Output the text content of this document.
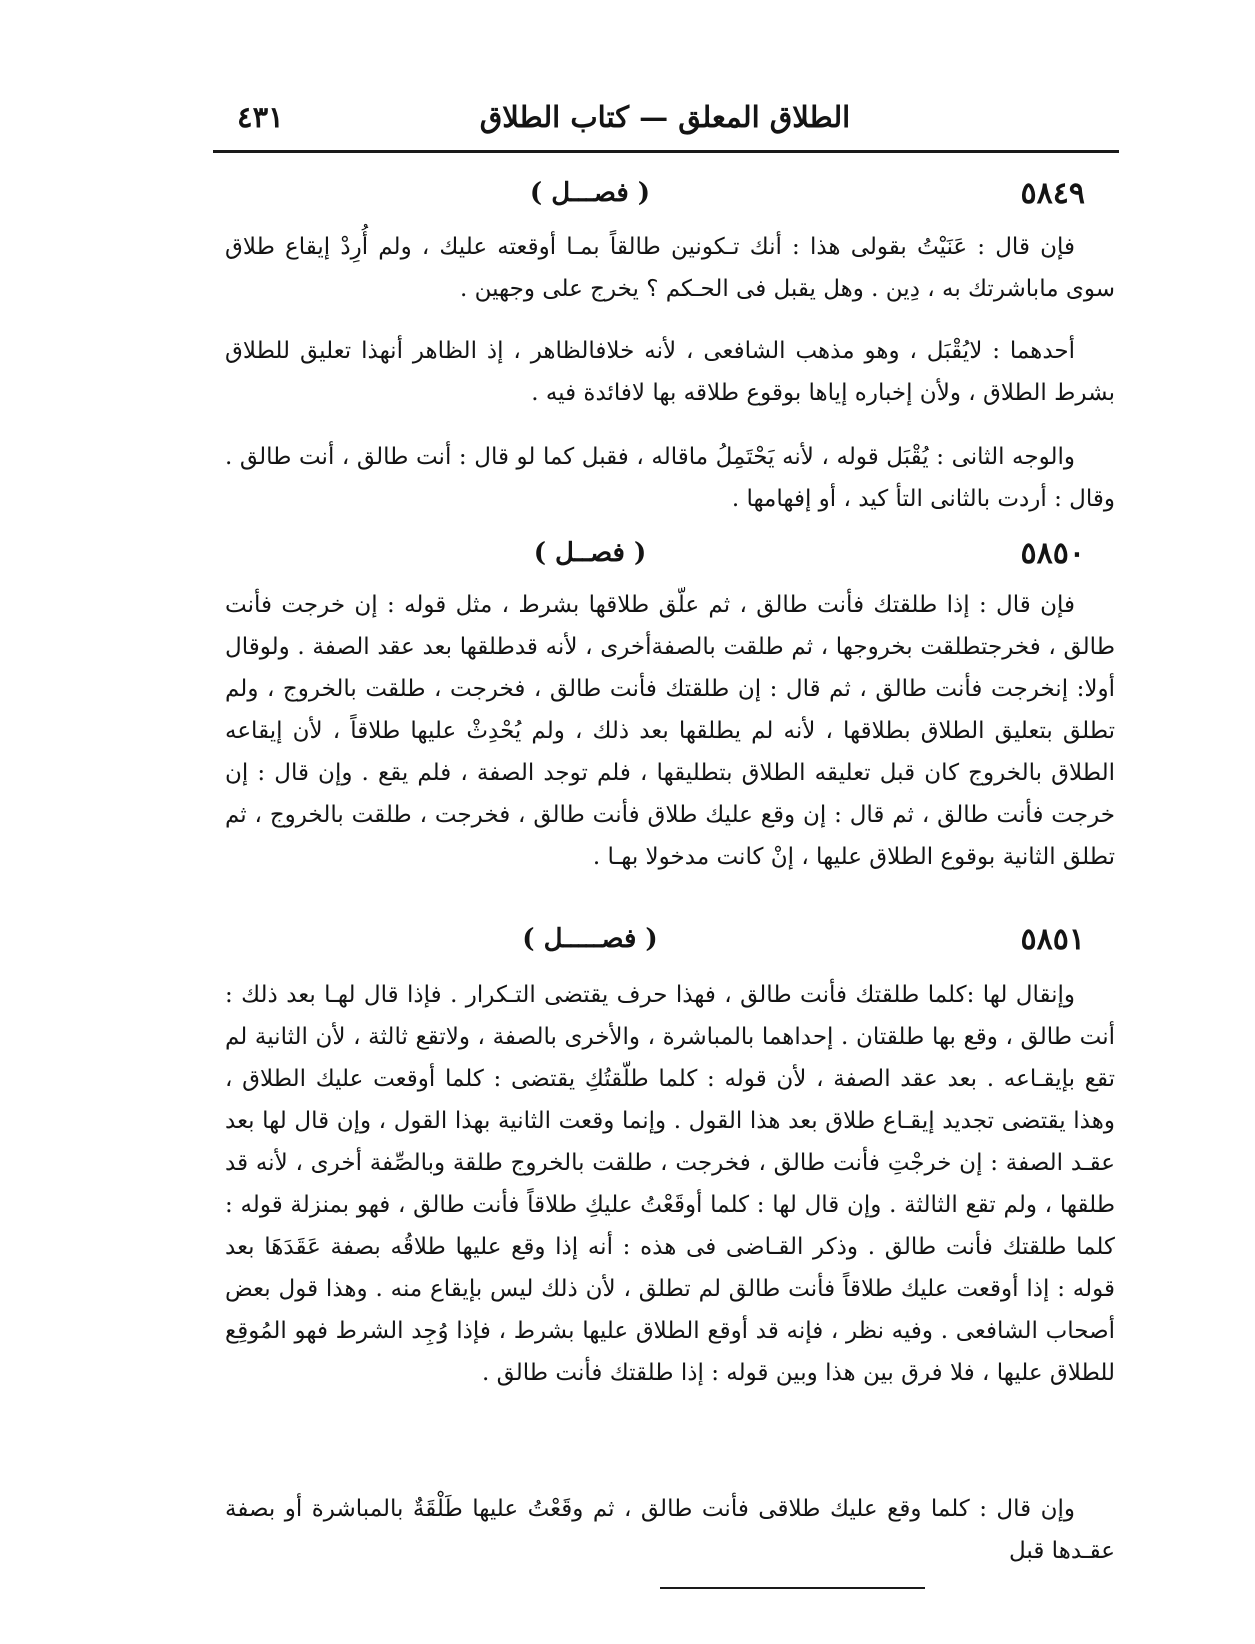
٤٣١	الطلاق المعلق — كتاب الطلاق
٥٨٤٩
( فصـــل )

فإن قال : عَنَيْتُ بقولى هذا : أنك تـكونين طالقاً بمـا أوقعته عليك ، ولم أُرِدْ إيقاع طلاق سوى ماباشرتك به ، دِين . وهل يقبل فى الحـكم ؟ يخرج على وجهين .

أحدهما : لايُقْبَل ، وهو مذهب الشافعى ، لأنه خلافالظاهر ، إذ الظاهر أنهذا تعليق للطلاق بشرط الطلاق ، ولأن إخباره إياها بوقوع طلاقه بها لافائدة فيه .

والوجه الثانى : يُقْبَل قوله ، لأنه يَحْتَمِلُ ماقاله ، فقبل كما لو قال : أنت طالق ، أنت طالق . وقال : أردت بالثانى التأ كيد ، أو إفهامها .

٥٨٥٠
( فصــل )

فإن قال : إذا طلقتك فأنت طالق ، ثم علّق طلاقها بشرط ، مثل قوله : إن خرجت فأنت طالق ، فخرجتطلقت بخروجها ، ثم طلقت بالصفةأخرى ، لأنه قدطلقها بعد عقد الصفة . ولوقال أولا: إنخرجت فأنت طالق ، ثم قال : إن طلقتك فأنت طالق ، فخرجت ، طلقت بالخروج ، ولم تطلق بتعليق الطلاق بطلاقها ، لأنه لم يطلقها بعد ذلك ، ولم يُحْدِثْ عليها طلاقاً ، لأن إيقاعه الطلاق بالخروج كان قبل تعليقه الطلاق بتطليقها ، فلم توجد الصفة ، فلم يقع . وإن قال : إن خرجت فأنت طالق ، ثم قال : إن وقع عليك طلاق فأنت طالق ، فخرجت ، طلقت بالخروج ، ثم تطلق الثانية بوقوع الطلاق عليها ، إنْ كانت مدخولا بهـا .

٥٨٥١
( فصـــــل )

وإنقال لها :كلما طلقتك فأنت طالق ، فهذا حرف يقتضى التـكرار . فإذا قال لهـا بعد ذلك : أنت طالق ، وقع بها طلقتان . إحداهما بالمباشرة ، والأخرى بالصفة ، ولاتقع ثالثة ، لأن الثانية لم تقع بإيقـاعه . بعد عقد الصفة ، لأن قوله : كلما طلّقتُكِ يقتضى : كلما أوقعت عليك الطلاق ، وهذا يقتضى تجديد إيقـاع طلاق بعد هذا القول . وإنما وقعت الثانية بهذا القول ، وإن قال لها بعد عقـد الصفة : إن خرجْتِ فأنت طالق ، فخرجت ، طلقت بالخروج طلقة وبالصِّفة أخرى ، لأنه قد طلقها ، ولم تقع الثالثة . وإن قال لها : كلما أوقَعْتُ عليكِ طلاقاً فأنت طالق ، فهو بمنزلة قوله : كلما طلقتك فأنت طالق . وذكر القـاضى فى هذه : أنه إذا وقع عليها طلاقُه بصفة عَقَدَهَا بعد قوله : إذا أوقعت عليك طلاقاً فأنت طالق لم تطلق ، لأن ذلك ليس بإيقاع منه . وهذا قول بعض أصحاب الشافعى . وفيه نظر ، فإنه قد أوقع الطلاق عليها بشرط ، فإذا وُجِد الشرط فهو المُوقِع للطلاق عليها ، فلا فرق بين هذا وبين قوله : إذا طلقتك فأنت طالق .

وإن قال : كلما وقع عليك طلاقى فأنت طالق ، ثم وقَعْتُ عليها طَلْقَةٌ بالمباشرة أو بصفة عقـدها قبل
